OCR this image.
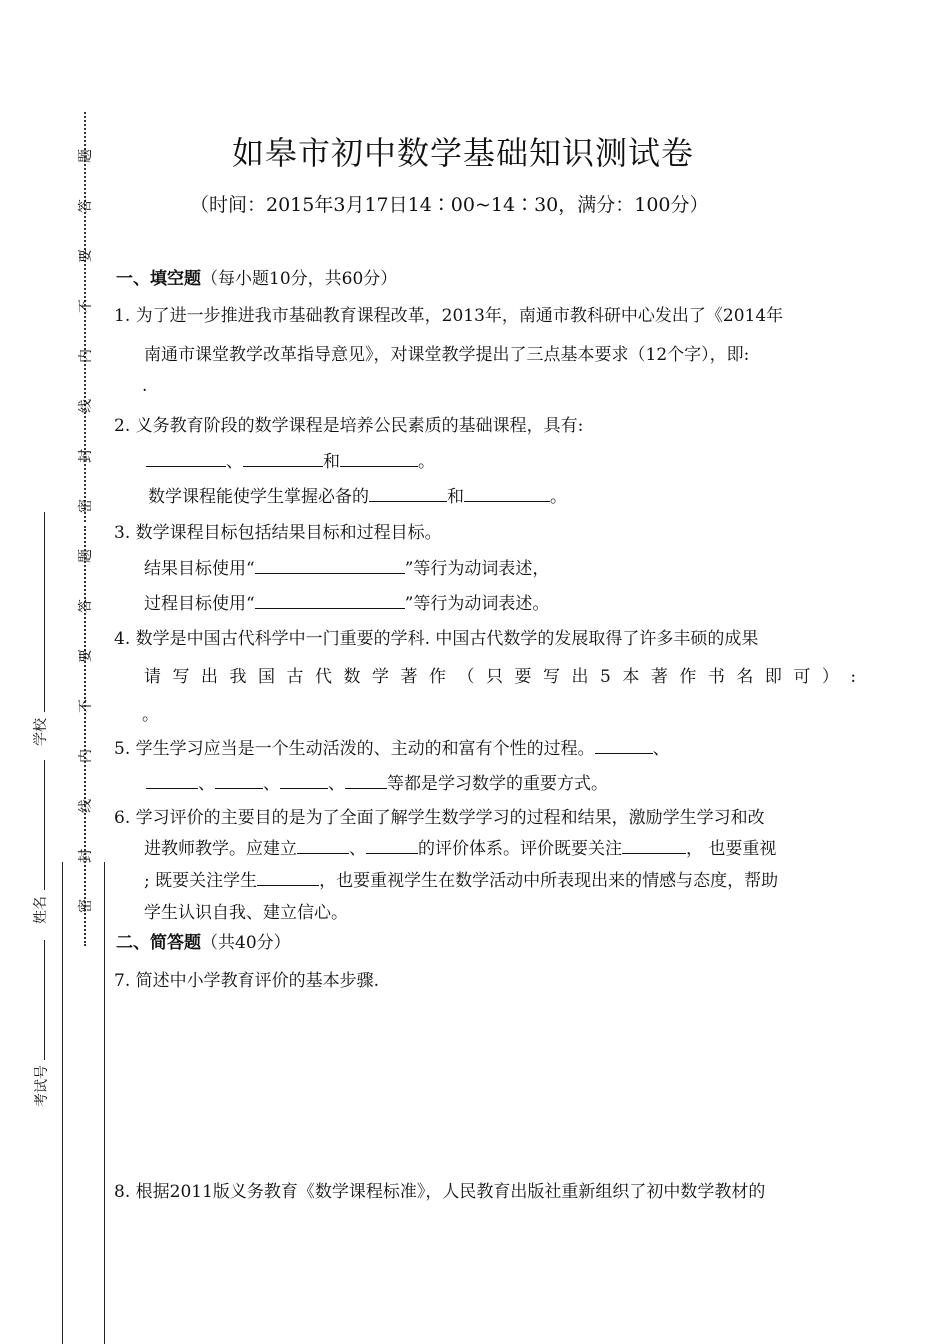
题
答
要
不
内
线
封
密
题
答
要
不
内
线
封
密
学校
姓名
考试号
如皋市初中数学基础知识测试卷
（时间：2015年3月17日14∶00~14∶30，满分：100分）
一、填空题（每小题10分，共60分）
1. 为了进一步推进我市基础教育课程改革，2013年，南通市教科研中心发出了《2014年
南通市课堂教学改革指导意见》，对课堂教学提出了三点基本要求（12个字），即:
.
2. 义务教育阶段的数学课程是培养公民素质的基础课程，具有:
、	和	。
数学课程能使学生掌握必备的	和	。
3. 数学课程目标包括结果目标和过程目标。
结果目标使用“	”等行为动词表述，
过程目标使用“	”等行为动词表述。
4. 数学是中国古代科学中一门重要的学科. 中国古代数学的发展取得了许多丰硕的成果
请写出我国古代数学著作（只要写出5本著作书名即可）:
。
5. 学生学习应当是一个生动活泼的、主动的和富有个性的过程。	、
、	、	、 等都是学习数学的重要方式。
6. 学习评价的主要目的是为了全面了解学生数学学习的过程和结果，激励学生学习和改
进教师教学。应建立	、	的评价体系。评价既要关注	， 也要重视
; 既要关注学生	，也要重视学生在数学活动中所表现出来的情感与态度，帮助
学生认识自我、建立信心。
二、简答题（共40分）
7. 简述中小学教育评价的基本步骤.
8. 根据2011版义务教育《数学课程标准》，人民教育出版社重新组织了初中数学教材的
